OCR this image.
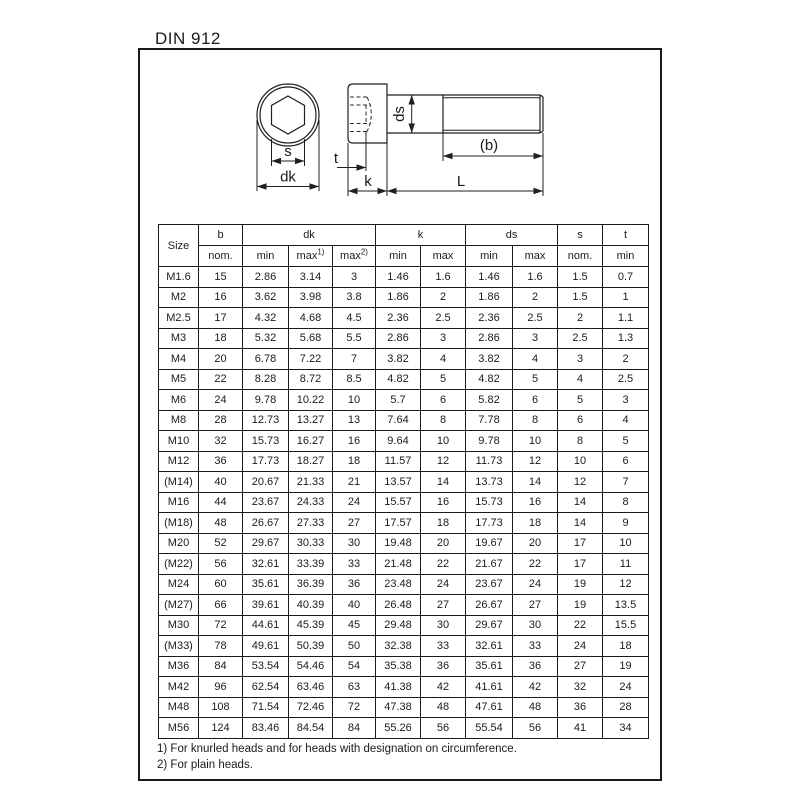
DIN 912
s
dk
ds
(b)
t
k	L
Size	b	dk			k		ds		s	t
	nom.	min	$\max^{1)}$	$\max^{2)}$	min	max	min	max	nom.	min
M1.6	15	2.86	3.14	3	1.46	1.6	1.46	1.6	1.5	0.7
M2	16	3.62	3.98	3.8	1.86	2	1.86	2	1.5	1
M2.5	17	4.32	4.68	4.5	2.36	2.5	2.36	2.5	2	1.1
M3	18	5.32	5.68	5.5	2.86	3	2.86	3	2.5	1.3
M4	20	6.78	7.22	7	3.82	4	3.82	4	3	2
M5	22	8.28	8.72	8.5	4.82	5	4.82	5	4	2.5
M6	24	9.78	10.22	10	5.7	6	5.82	6	5	3
M8	28	12.73	13.27	13	7.64	8	7.78	8	6	4
M10	32	15.73	16.27	16	9.64	10	9.78	10	8	5
M12	36	17.73	18.27	18	11.57	12	11.73	12	10	6
(M14)	40	20.67	21.33	21	13.57	14	13.73	14	12	7
M16	44	23.67	24.33	24	15.57	16	15.73	16	14	8
(M18)	48	26.67	27.33	27	17.57	18	17.73	18	14	9
M20	52	29.67	30.33	30	19.48	20	19.67	20	17	10
(M22)	56	32.61	33.39	33	21.48	22	21.67	22	17	11
M24	60	35.61	36.39	36	23.48	24	23.67	24	19	12
(M27)	66	39.61	40.39	40	26.48	27	26.67	27	19	13.5
M30	72	44.61	45.39	45	29.48	30	29.67	30	22	15.5
(M33)	78	49.61	50.39	50	32.38	33	32.61	33	24	18
M36	84	53.54	54.46	54	35.38	36	35.61	36	27	19
M42	96	62.54	63.46	63	41.38	42	41.61	42	32	24
M48	108	71.54	72.46	72	47.38	48	47.61	48	36	28
M56	124	83.46	84.54	84	55.26	56	55.54	56	41	34
1) For knurled heads and for heads with designation on circumference.
2) For plain heads.
